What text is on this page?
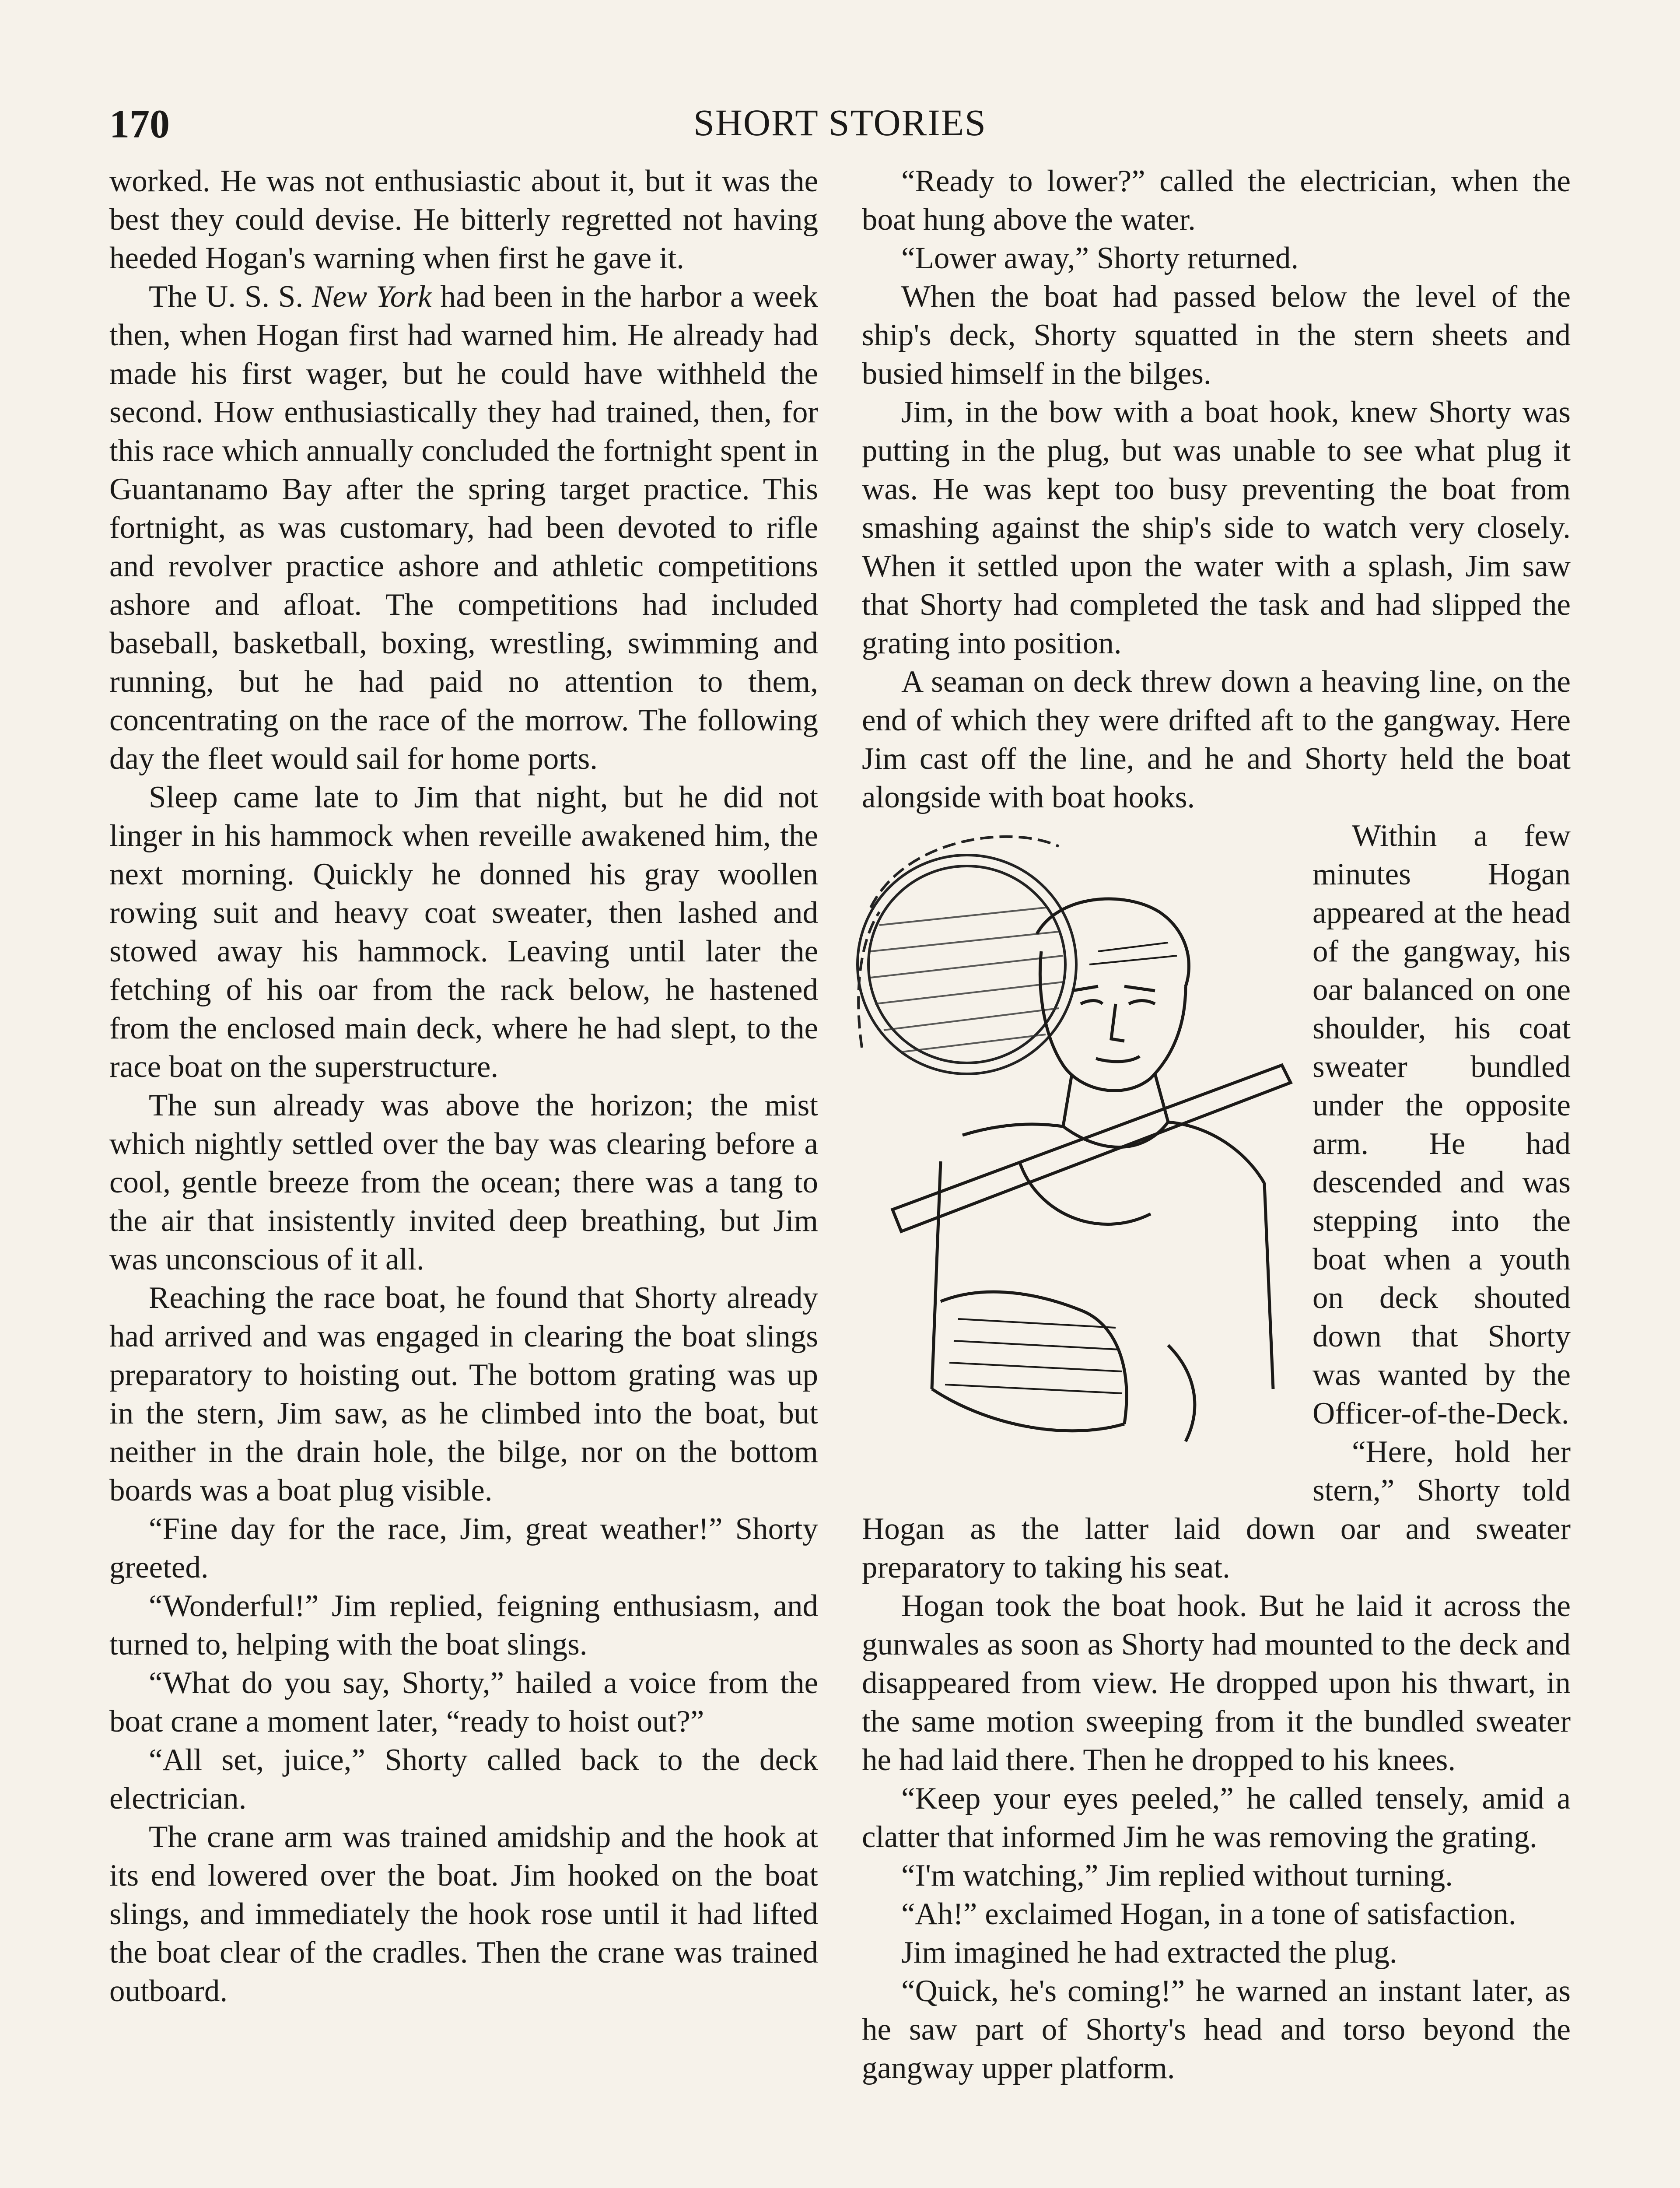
170	SHORT STORIES

worked. He was not enthusiastic about it, but it was the best they could devise. He bitterly regretted not having heeded Hogan's warning when first he gave it.

The U. S. S. New York had been in the harbor a week then, when Hogan first had warned him. He already had made his first wager, but he could have withheld the second. How enthusiastically they had trained, then, for this race which annually concluded the fortnight spent in Guantanamo Bay after the spring target practice. This fortnight, as was customary, had been devoted to rifle and revolver practice ashore and athletic competitions ashore and afloat. The competitions had included baseball, basketball, boxing, wrestling, swimming and running, but he had paid no attention to them, concentrating on the race of the morrow. The following day the fleet would sail for home ports.

Sleep came late to Jim that night, but he did not linger in his hammock when reveille awakened him, the next morning. Quickly he donned his gray woollen rowing suit and heavy coat sweater, then lashed and stowed away his hammock. Leaving until later the fetching of his oar from the rack below, he hastened from the enclosed main deck, where he had slept, to the race boat on the superstructure.

The sun already was above the horizon; the mist which nightly settled over the bay was clearing before a cool, gentle breeze from the ocean; there was a tang to the air that insistently invited deep breathing, but Jim was unconscious of it all.

Reaching the race boat, he found that Shorty already had arrived and was engaged in clearing the boat slings preparatory to hoisting out. The bottom grating was up in the stern, Jim saw, as he climbed into the boat, but neither in the drain hole, the bilge, nor on the bottom boards was a boat plug visible.

“Fine day for the race, Jim, great weather!” Shorty greeted.

“Wonderful!” Jim replied, feigning enthusiasm, and turned to, helping with the boat slings.

“What do you say, Shorty,” hailed a voice from the boat crane a moment later, “ready to hoist out?”

“All set, juice,” Shorty called back to the deck electrician.

The crane arm was trained amidship and the hook at its end lowered over the boat. Jim hooked on the boat slings, and immediately the hook rose until it had lifted the boat clear of the cradles. Then the crane was trained outboard.

“Ready to lower?” called the electrician, when the boat hung above the water.

“Lower away,” Shorty returned.

When the boat had passed below the level of the ship's deck, Shorty squatted in the stern sheets and busied himself in the bilges.

Jim, in the bow with a boat hook, knew Shorty was putting in the plug, but was unable to see what plug it was. He was kept too busy preventing the boat from smashing against the ship's side to watch very closely. When it settled upon the water with a splash, Jim saw that Shorty had completed the task and had slipped the grating into position.

A seaman on deck threw down a heaving line, on the end of which they were drifted aft to the gangway. Here Jim cast off the line, and he and Shorty held the boat alongside with boat hooks.

Within a few minutes Hogan appeared at the head of the gangway, his oar balanced on one shoulder, his coat sweater bundled under the opposite arm. He had descended and was stepping into the boat when a youth on deck shouted down that Shorty was wanted by the Officer-of-the-Deck.

“Here, hold her stern,” Shorty told Hogan as the latter laid down oar and sweater preparatory to taking his seat.

Hogan took the boat hook. But he laid it across the gunwales as soon as Shorty had mounted to the deck and disappeared from view. He dropped upon his thwart, in the same motion sweeping from it the bundled sweater he had laid there. Then he dropped to his knees.

“Keep your eyes peeled,” he called tensely, amid a clatter that informed Jim he was removing the grating.

“I'm watching,” Jim replied without turning.

“Ah!” exclaimed Hogan, in a tone of satisfaction.

Jim imagined he had extracted the plug.

“Quick, he's coming!” he warned an instant later, as he saw part of Shorty's head and torso beyond the gangway upper platform.
